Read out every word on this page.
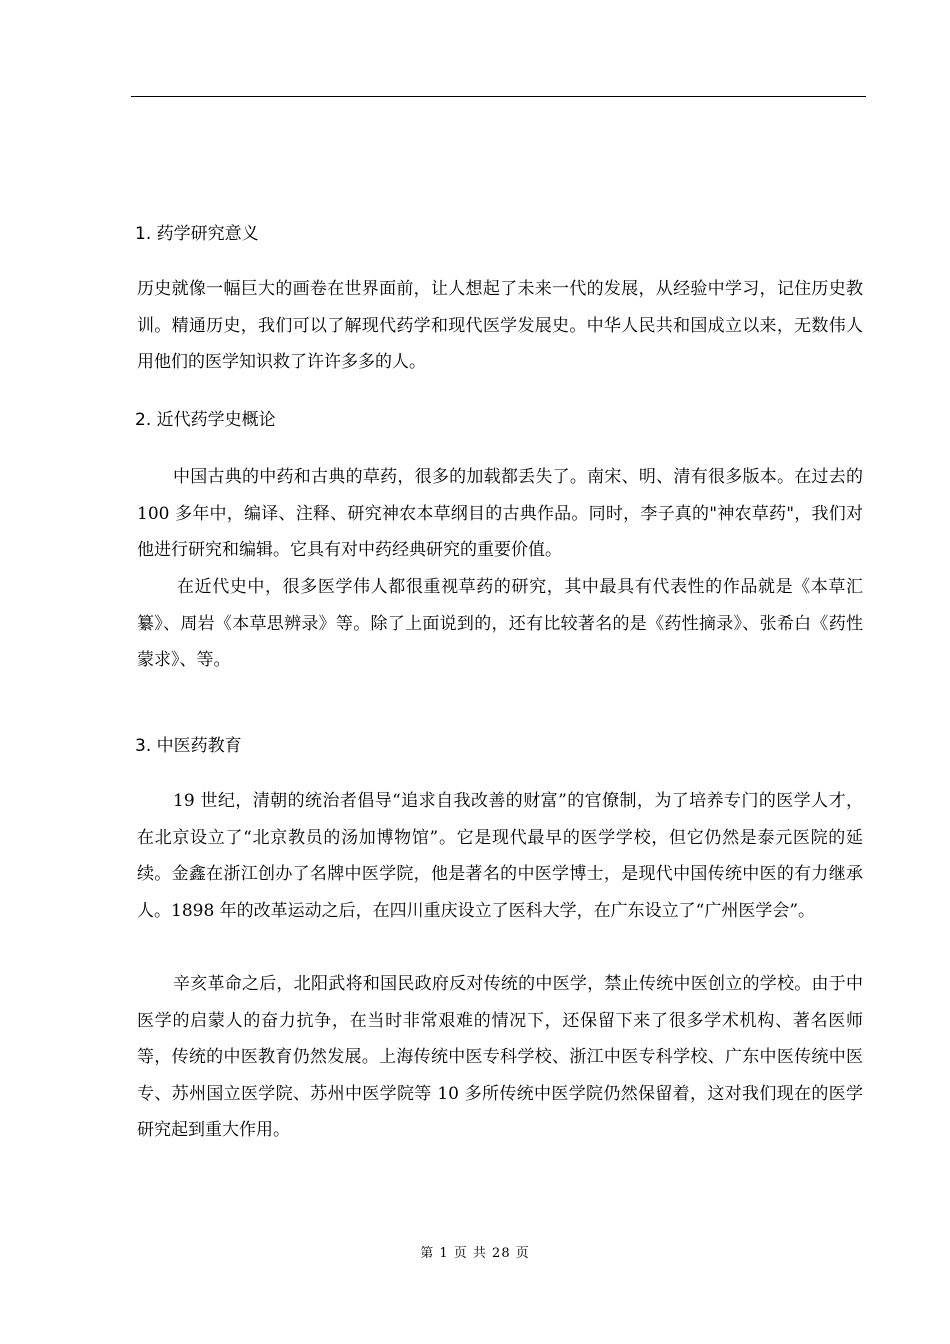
1. 药学研究意义

历史就像一幅巨大的画卷在世界面前，让人想起了未来一代的发展，从经验中学习，记住历史教训。精通历史，我们可以了解现代药学和现代医学发展史。中华人民共和国成立以来，无数伟人用他们的医学知识救了许许多多的人。

2. 近代药学史概论

中国古典的中药和古典的草药，很多的加载都丢失了。南宋、明、清有很多版本。在过去的 100 多年中，编译、注释、研究神农本草纲目的古典作品。同时，李子真的"神农草药"，我们对他进行研究和编辑。它具有对中药经典研究的重要价值。

在近代史中，很多医学伟人都很重视草药的研究，其中最具有代表性的作品就是《本草汇纂》、周岩《本草思辨录》等。除了上面说到的，还有比较著名的是《药性摘录》、张希白《药性蒙求》、等。

3. 中医药教育

19 世纪，清朝的统治者倡导“追求自我改善的财富”的官僚制，为了培养专门的医学人才，在北京设立了“北京教员的汤加博物馆”。它是现代最早的医学学校，但它仍然是泰元医院的延续。金鑫在浙江创办了名牌中医学院，他是著名的中医学博士，是现代中国传统中医的有力继承人。1898 年的改革运动之后，在四川重庆设立了医科大学，在广东设立了“广州医学会”。

辛亥革命之后，北阳武将和国民政府反对传统的中医学，禁止传统中医创立的学校。由于中医学的启蒙人的奋力抗争，在当时非常艰难的情况下，还保留下来了很多学术机构、著名医师等，传统的中医教育仍然发展。上海传统中医专科学校、浙江中医专科学校、广东中医传统中医专、苏州国立医学院、苏州中医学院等 10 多所传统中医学院仍然保留着，这对我们现在的医学研究起到重大作用。

第 1 页 共 28 页
